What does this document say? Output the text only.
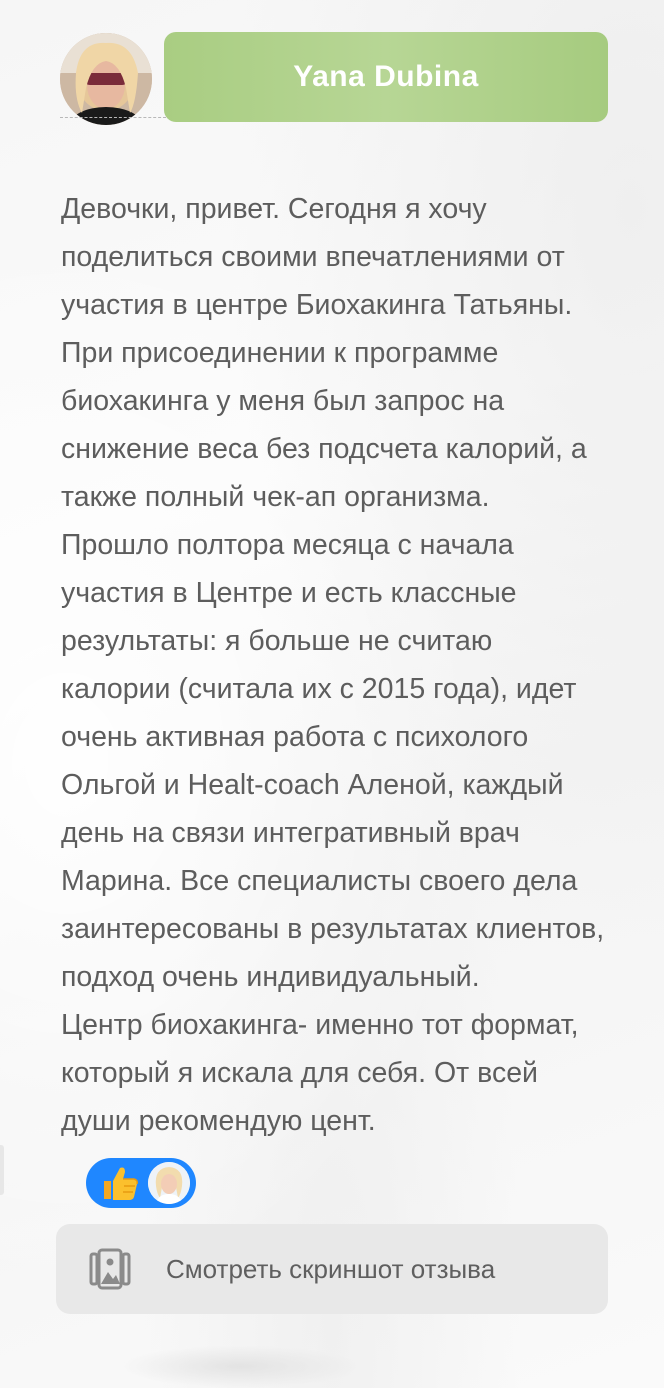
Yana Dubina

Девочки, привет. Сегодня я хочу

поделиться своими впечатлениями от

участия в центре Биохакинга Татьяны.

При присоединении к программе

биохакинга у меня был запрос на

снижение веса без подсчета калорий, а

также полный чек-ап организма.

Прошло полтора месяца с начала

участия в Центре и есть классные

результаты: я больше не считаю

калории (считала их с 2015 года), идет

очень активная работа с психолого

Ольгой и Healt-coach Аленой, каждый

день на связи интегративный врач

Марина. Все специалисты своего дела

заинтересованы в результатах клиентов,

подход очень индивидуальный.

Центр биохакинга- именно тот формат,

который я искала для себя. От всей

души рекомендую цент.

Смотреть скриншот отзыва
